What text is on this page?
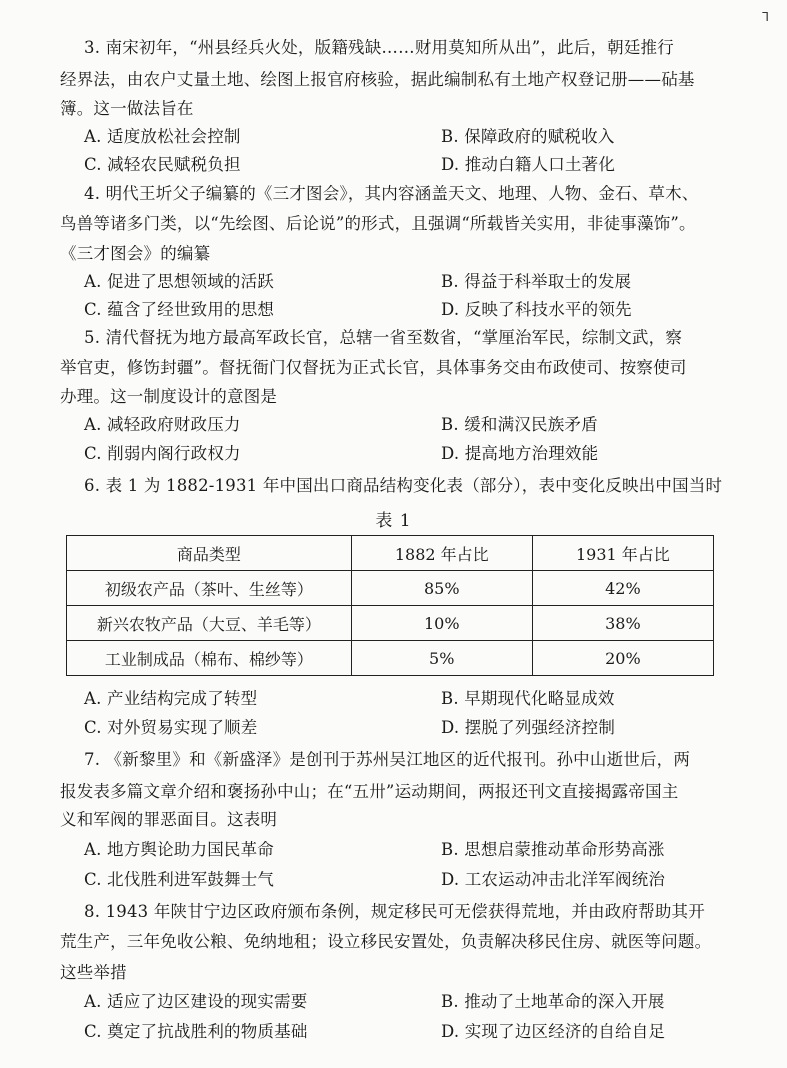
ᒣ
3. 南宋初年，“州县经兵火处，版籍残缺……财用莫知所从出”，此后，朝廷推行
经界法，由农户丈量土地、绘图上报官府核验，据此编制私有土地产权登记册——砧基
簿。这一做法旨在
A. 适度放松社会控制	B. 保障政府的赋税收入
C. 减轻农民赋税负担	D. 推动白籍人口土著化
4. 明代王圻父子编纂的《三才图会》，其内容涵盖天文、地理、人物、金石、草木、
鸟兽等诸多门类，以“先绘图、后论说”的形式，且强调“所载皆关实用，非徒事藻饰”。
《三才图会》的编纂
A. 促进了思想领域的活跃	B. 得益于科举取士的发展
C. 蕴含了经世致用的思想	D. 反映了科技水平的领先
5. 清代督抚为地方最高军政长官，总辖一省至数省，“掌厘治军民，综制文武，察
举官吏，修饬封疆”。督抚衙门仅督抚为正式长官，具体事务交由布政使司、按察使司
办理。这一制度设计的意图是
A. 减轻政府财政压力	B. 缓和满汉民族矛盾
C. 削弱内阁行政权力	D. 提高地方治理效能
6. 表 1 为 1882-1931 年中国出口商品结构变化表（部分），表中变化反映出中国当时
表 1
商品类型	1882 年占比	1931 年占比
初级农产品（茶叶、生丝等）	85%	42%
新兴农牧产品（大豆、羊毛等）	10%	38%
工业制成品（棉布、棉纱等）	5%	20%
A. 产业结构完成了转型	B. 早期现代化略显成效
C. 对外贸易实现了顺差	D. 摆脱了列强经济控制
7. 《新黎里》和《新盛泽》是创刊于苏州吴江地区的近代报刊。孙中山逝世后，两
报发表多篇文章介绍和褒扬孙中山；在“五卅”运动期间，两报还刊文直接揭露帝国主
义和军阀的罪恶面目。这表明
A. 地方舆论助力国民革命	B. 思想启蒙推动革命形势高涨
C. 北伐胜利进军鼓舞士气	D. 工农运动冲击北洋军阀统治
8. 1943 年陕甘宁边区政府颁布条例，规定移民可无偿获得荒地，并由政府帮助其开
荒生产，三年免收公粮、免纳地租；设立移民安置处，负责解决移民住房、就医等问题。
这些举措
A. 适应了边区建设的现实需要	B. 推动了土地革命的深入开展
C. 奠定了抗战胜利的物质基础	D. 实现了边区经济的自给自足
